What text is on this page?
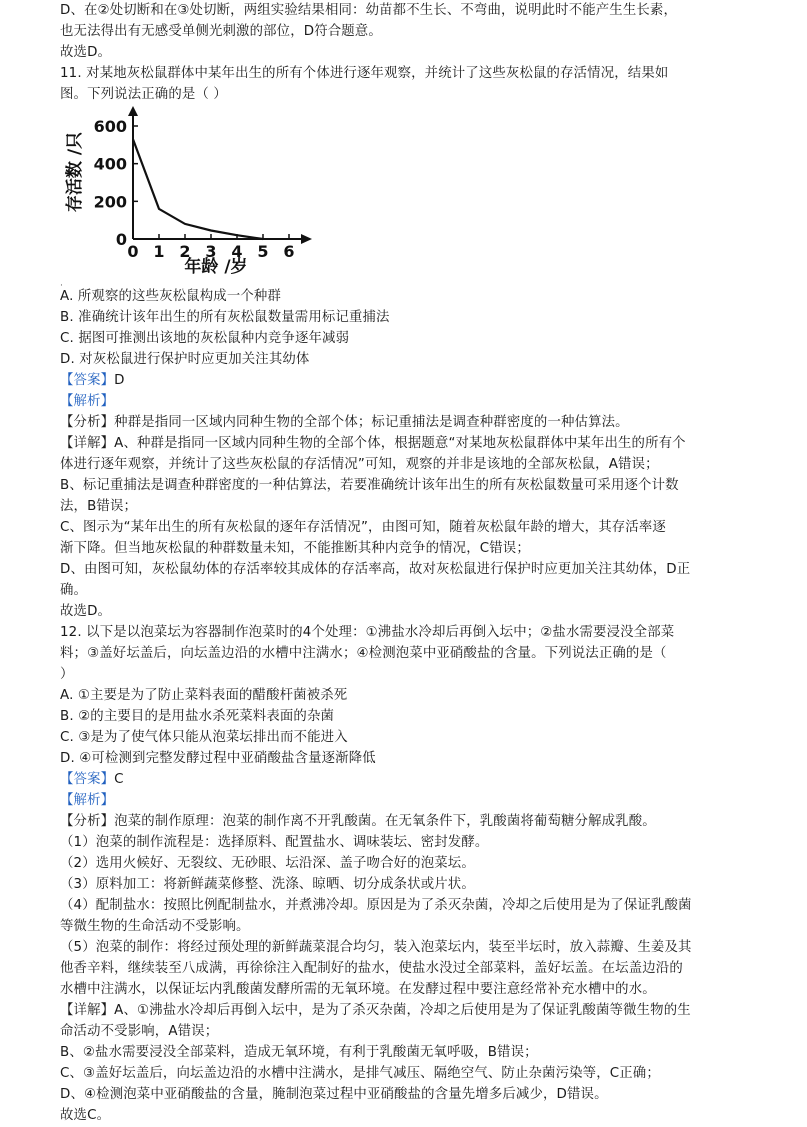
D、在②处切断和在③处切断，两组实验结果相同：幼苗都不生长、不弯曲，说明此时不能产生生长素，
也无法得出有无感受单侧光刺激的部位，D符合题意。
故选D。
11. 对某地灰松鼠群体中某年出生的所有个体进行逐年观察，并统计了这些灰松鼠的存活情况，结果如
图。下列说法正确的是（ ）
存活数 /只
0
200
400
600
0 1 2 3 4 5 6
年龄 /岁
·
A. 所观察的这些灰松鼠构成一个种群
B. 准确统计该年出生的所有灰松鼠数量需用标记重捕法
C. 据图可推测出该地的灰松鼠种内竞争逐年减弱
D. 对灰松鼠进行保护时应更加关注其幼体
【答案】D
【解析】
【分析】种群是指同一区域内同种生物的全部个体；标记重捕法是调查种群密度的一种估算法。
【详解】A、种群是指同一区域内同种生物的全部个体，根据题意“对某地灰松鼠群体中某年出生的所有个
体进行逐年观察，并统计了这些灰松鼠的存活情况”可知，观察的并非是该地的全部灰松鼠，A错误；
B、标记重捕法是调查种群密度的一种估算法，若要准确统计该年出生的所有灰松鼠数量可采用逐个计数
法，B错误；
C、图示为“某年出生的所有灰松鼠的逐年存活情况”，由图可知，随着灰松鼠年龄的增大，其存活率逐
渐下降。但当地灰松鼠的种群数量未知，不能推断其种内竞争的情况，C错误；
D、由图可知，灰松鼠幼体的存活率较其成体的存活率高，故对灰松鼠进行保护时应更加关注其幼体，D正
确。
故选D。
12. 以下是以泡菜坛为容器制作泡菜时的4个处理：①沸盐水冷却后再倒入坛中；②盐水需要浸没全部菜
料；③盖好坛盖后，向坛盖边沿的水槽中注满水；④检测泡菜中亚硝酸盐的含量。下列说法正确的是（
）
A. ①主要是为了防止菜料表面的醋酸杆菌被杀死
B. ②的主要目的是用盐水杀死菜料表面的杂菌
C. ③是为了使气体只能从泡菜坛排出而不能进入
D. ④可检测到完整发酵过程中亚硝酸盐含量逐渐降低
【答案】C
【解析】
【分析】泡菜的制作原理：泡菜的制作离不开乳酸菌。在无氧条件下，乳酸菌将葡萄糖分解成乳酸。
（1）泡菜的制作流程是：选择原料、配置盐水、调味装坛、密封发酵。
（2）选用火候好、无裂纹、无砂眼、坛沿深、盖子吻合好的泡菜坛。
（3）原料加工：将新鲜蔬菜修整、洗涤、晾晒、切分成条状或片状。
（4）配制盐水：按照比例配制盐水，并煮沸冷却。原因是为了杀灭杂菌，冷却之后使用是为了保证乳酸菌
等微生物的生命活动不受影响。
（5）泡菜的制作：将经过预处理的新鲜蔬菜混合均匀，装入泡菜坛内，装至半坛时，放入蒜瓣、生姜及其
他香辛料，继续装至八成满，再徐徐注入配制好的盐水，使盐水没过全部菜料，盖好坛盖。在坛盖边沿的
水槽中注满水，以保证坛内乳酸菌发酵所需的无氧环境。在发酵过程中要注意经常补充水槽中的水。
【详解】A、①沸盐水冷却后再倒入坛中，是为了杀灭杂菌，冷却之后使用是为了保证乳酸菌等微生物的生
命活动不受影响，A错误；
B、②盐水需要浸没全部菜料，造成无氧环境，有利于乳酸菌无氧呼吸，B错误；
C、③盖好坛盖后，向坛盖边沿的水槽中注满水，是排气减压、隔绝空气、防止杂菌污染等，C正确；
D、④检测泡菜中亚硝酸盐的含量，腌制泡菜过程中亚硝酸盐的含量先增多后减少，D错误。
故选C。
